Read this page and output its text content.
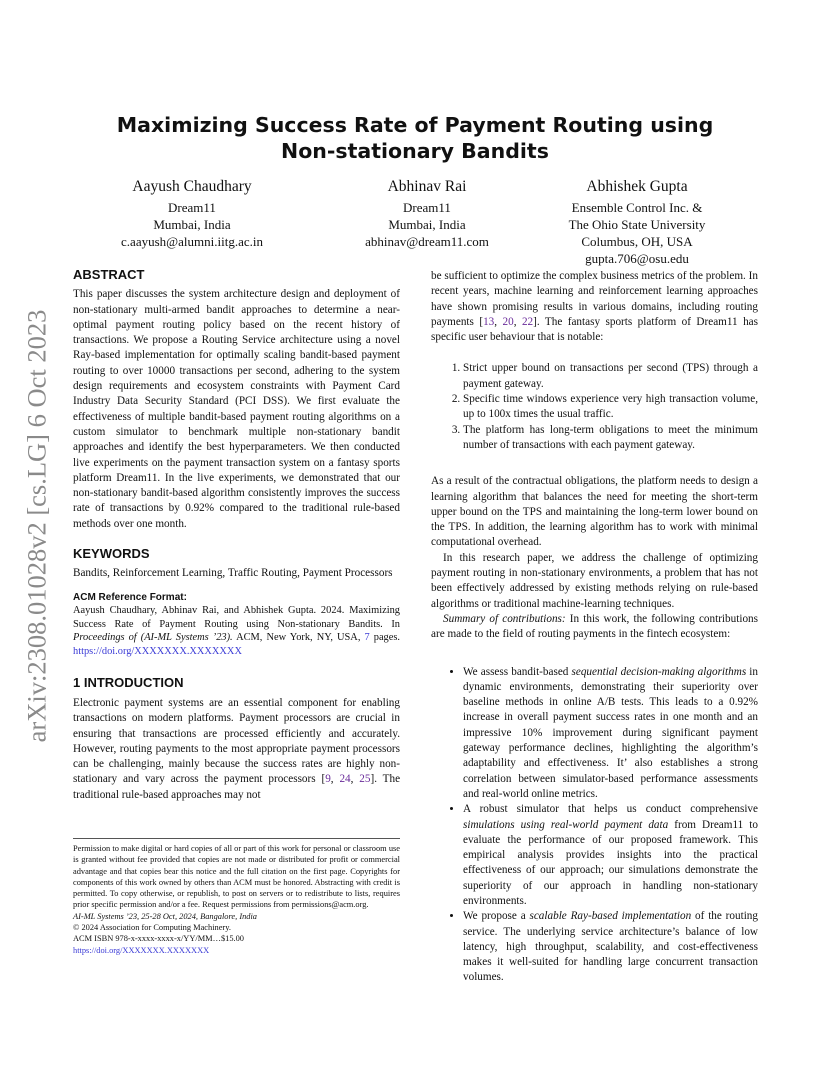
arXiv:2308.01028v2 [cs.LG] 6 Oct 2023
Maximizing Success Rate of Payment Routing using
Non-stationary Bandits
Aayush Chaudhary
Dream11
Mumbai, India
c.aayush@alumni.iitg.ac.in
Abhinav Rai
Dream11
Mumbai, India
abhinav@dream11.com
Abhishek Gupta
Ensemble Control Inc. &
The Ohio State University
Columbus, OH, USA
gupta.706@osu.edu
ABSTRACT

This paper discusses the system architecture design and deployment of non-stationary multi-armed bandit approaches to determine a near-optimal payment routing policy based on the recent history of transactions. We propose a Routing Service architecture using a novel Ray-based implementation for optimally scaling bandit-based payment routing to over 10000 transactions per second, adhering to the system design requirements and ecosystem constraints with Payment Card Industry Data Security Standard (PCI DSS). We first evaluate the effectiveness of multiple bandit-based payment routing algorithms on a custom simulator to benchmark multiple non-stationary bandit approaches and identify the best hyperparameters. We then conducted live experiments on the payment transaction system on a fantasy sports platform Dream11. In the live experiments, we demonstrated that our non-stationary bandit-based algorithm consistently improves the success rate of transactions by 0.92% compared to the traditional rule-based methods over one month.

KEYWORDS

Bandits, Reinforcement Learning, Traffic Routing, Payment Processors

ACM Reference Format:
Aayush Chaudhary, Abhinav Rai, and Abhishek Gupta. 2024. Maximizing Success Rate of Payment Routing using Non-stationary Bandits. In Proceedings of (AI-ML Systems ’23). ACM, New York, NY, USA, 7 pages. https://doi.org/XXXXXXX.XXXXXXX
1 INTRODUCTION

Electronic payment systems are an essential component for enabling transactions on modern platforms. Payment processors are crucial in ensuring that transactions are processed efficiently and accurately. However, routing payments to the most appropriate payment processors can be challenging, mainly because the success rates are highly non-stationary and vary across the payment processors [9, 24, 25]. The traditional rule-based approaches may not

Permission to make digital or hard copies of all or part of this work for personal or classroom use is granted without fee provided that copies are not made or distributed for profit or commercial advantage and that copies bear this notice and the full citation on the first page. Copyrights for components of this work owned by others than ACM must be honored. Abstracting with credit is permitted. To copy otherwise, or republish, to post on servers or to redistribute to lists, requires prior specific permission and/or a fee. Request permissions from permissions@acm.org.
AI-ML Systems ’23, 25-28 Oct, 2024, Bangalore, India
© 2024 Association for Computing Machinery.
ACM ISBN 978-x-xxxx-xxxx-x/YY/MM…$15.00
https://doi.org/XXXXXXX.XXXXXXX

be sufficient to optimize the complex business metrics of the problem. In recent years, machine learning and reinforcement learning approaches have shown promising results in various domains, including routing payments [13, 20, 22]. The fantasy sports platform of Dream11 has specific user behaviour that is notable:

1. Strict upper bound on transactions per second (TPS) through a payment gateway.
2. Specific time windows experience very high transaction volume, up to 100x times the usual traffic.
3. The platform has long-term obligations to meet the minimum number of transactions with each payment gateway.

As a result of the contractual obligations, the platform needs to design a learning algorithm that balances the need for meeting the short-term upper bound on the TPS and maintaining the long-term lower bound on the TPS. In addition, the learning algorithm has to work with minimal computational overhead.

In this research paper, we address the challenge of optimizing payment routing in non-stationary environments, a problem that has not been effectively addressed by existing methods relying on rule-based algorithms or traditional machine-learning techniques.

Summary of contributions: In this work, the following contributions are made to the field of routing payments in the fintech ecosystem:

• We assess bandit-based sequential decision-making algorithms in dynamic environments, demonstrating their superiority over baseline methods in online A/B tests. This leads to a 0.92% increase in overall payment success rates in one month and an impressive 10% improvement during significant payment gateway performance declines, highlighting the algorithm’s adaptability and effectiveness. It’ also establishes a strong correlation between simulator-based performance assessments and real-world online metrics.
• A robust simulator that helps us conduct comprehensive simulations using real-world payment data from Dream11 to evaluate the performance of our proposed framework. This empirical analysis provides insights into the practical effectiveness of our approach; our simulations demonstrate the superiority of our approach in handling non-stationary environments.
• We propose a scalable Ray-based implementation of the routing service. The underlying service architecture’s balance of low latency, high throughput, scalability, and cost-effectiveness makes it well-suited for handling large concurrent transaction volumes.
